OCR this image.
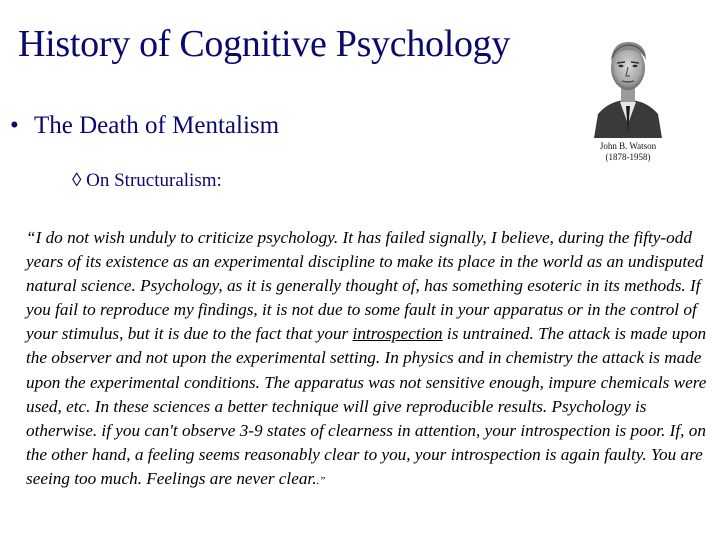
History of Cognitive Psychology
• The Death of Mentalism
John B. Watson
(1878-1958)
◊ On Structuralism:
“I do not wish unduly to criticize psychology. It has failed signally, I believe, during the fifty-odd years of its existence as an experimental discipline to make its place in the world as an undisputed natural science. Psychology, as it is generally thought of, has something esoteric in its methods. If you fail to reproduce my findings, it is not due to some fault in your apparatus or in the control of your stimulus, but it is due to the fact that your introspection is untrained. The attack is made upon the observer and not upon the experimental setting. In physics and in chemistry the attack is made upon the experimental conditions. The apparatus was not sensitive enough, impure chemicals were used, etc. In these sciences a better technique will give reproducible results. Psychology is otherwise. if you can't observe 3-9 states of clearness in attention, your introspection is poor. If, on the other hand, a feeling seems reasonably clear to you, your introspection is again faulty. You are seeing too much. Feelings are never clear..”
